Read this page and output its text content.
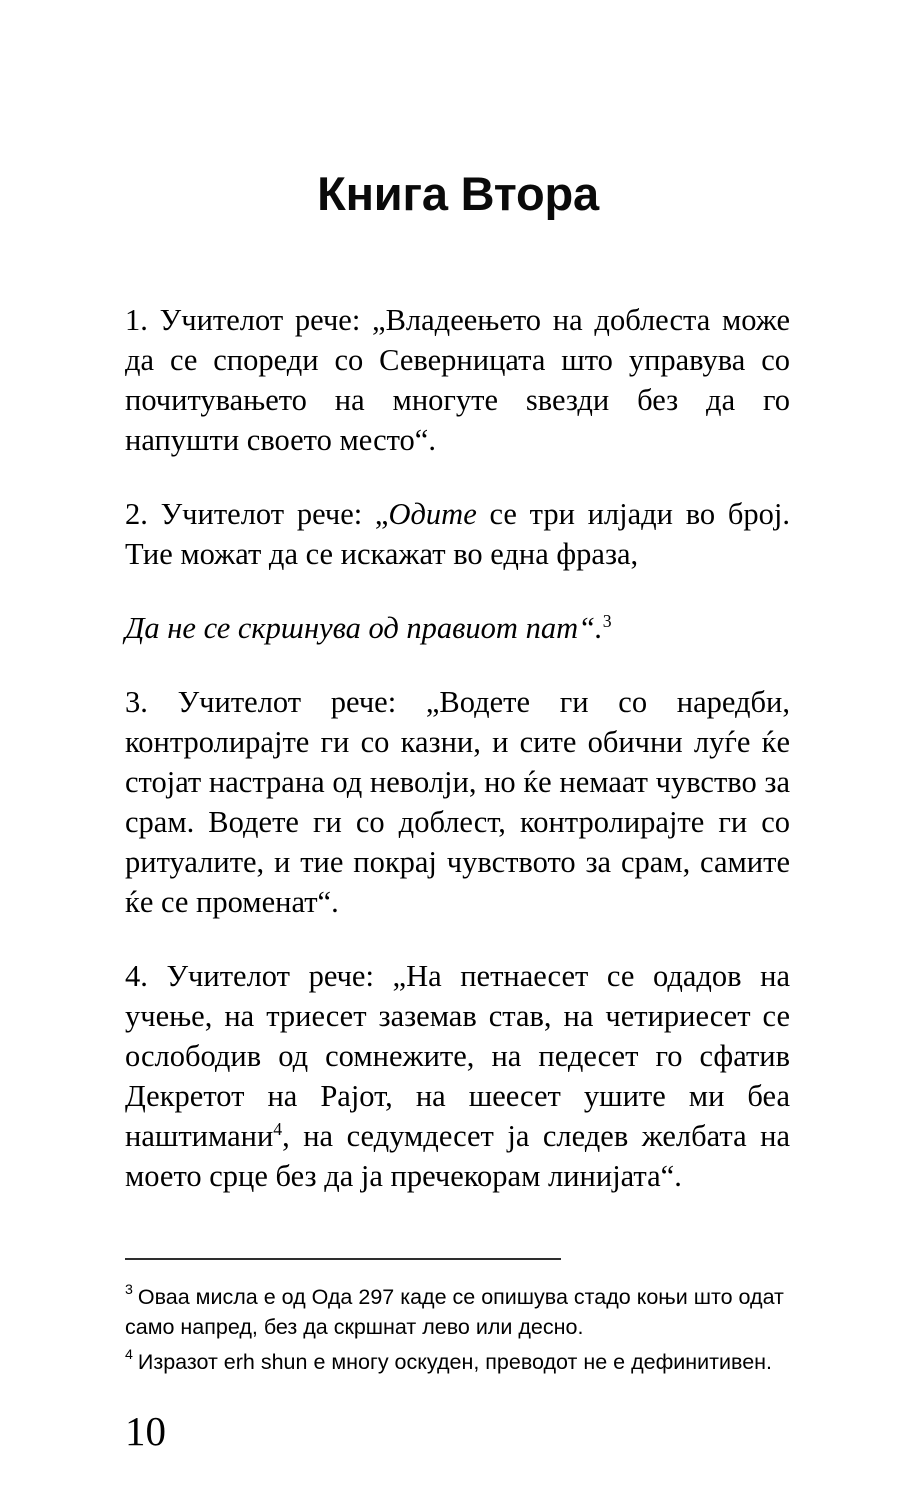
Книга Втора

1. Учителот рече: „Владеењето на доблеста може да се спореди со Северницата што управува со почитувањето на многуте ѕвезди без да го напушти своето место“.

2. Учителот рече: „Одите се три илјади во број. Тие можат да се искажат во една фраза,

Да не се скршнува од правиот пат“.$^3$

3. Учителот рече: „Водете ги со наредби, контролирајте ги со казни, и сите обични луѓе ќе стојат настрана од неволји, но ќе немаат чувство за срам. Водете ги со доблест, контролирајте ги со ритуалите, и тие покрај чувството за срам, самите ќе се променат“.

4. Учителот рече: „На петнаесет се одадов на учење, на триесет заземав став, на четириесет се ослободив од сомнежите, на педесет го сфатив Декретот на Рајот, на шеесет ушите ми беа наштимани$^4$, на седумдесет ја следев желбата на моето срце без да ја пречекорам линијата“.

$^3$ Оваа мисла е од Ода 297 каде се опишува стадо коњи што одат само напред, без да скршнат лево или десно.

$^4$ Изразот erh shun е многу оскуден, преводот не е дефинитивен.

10
